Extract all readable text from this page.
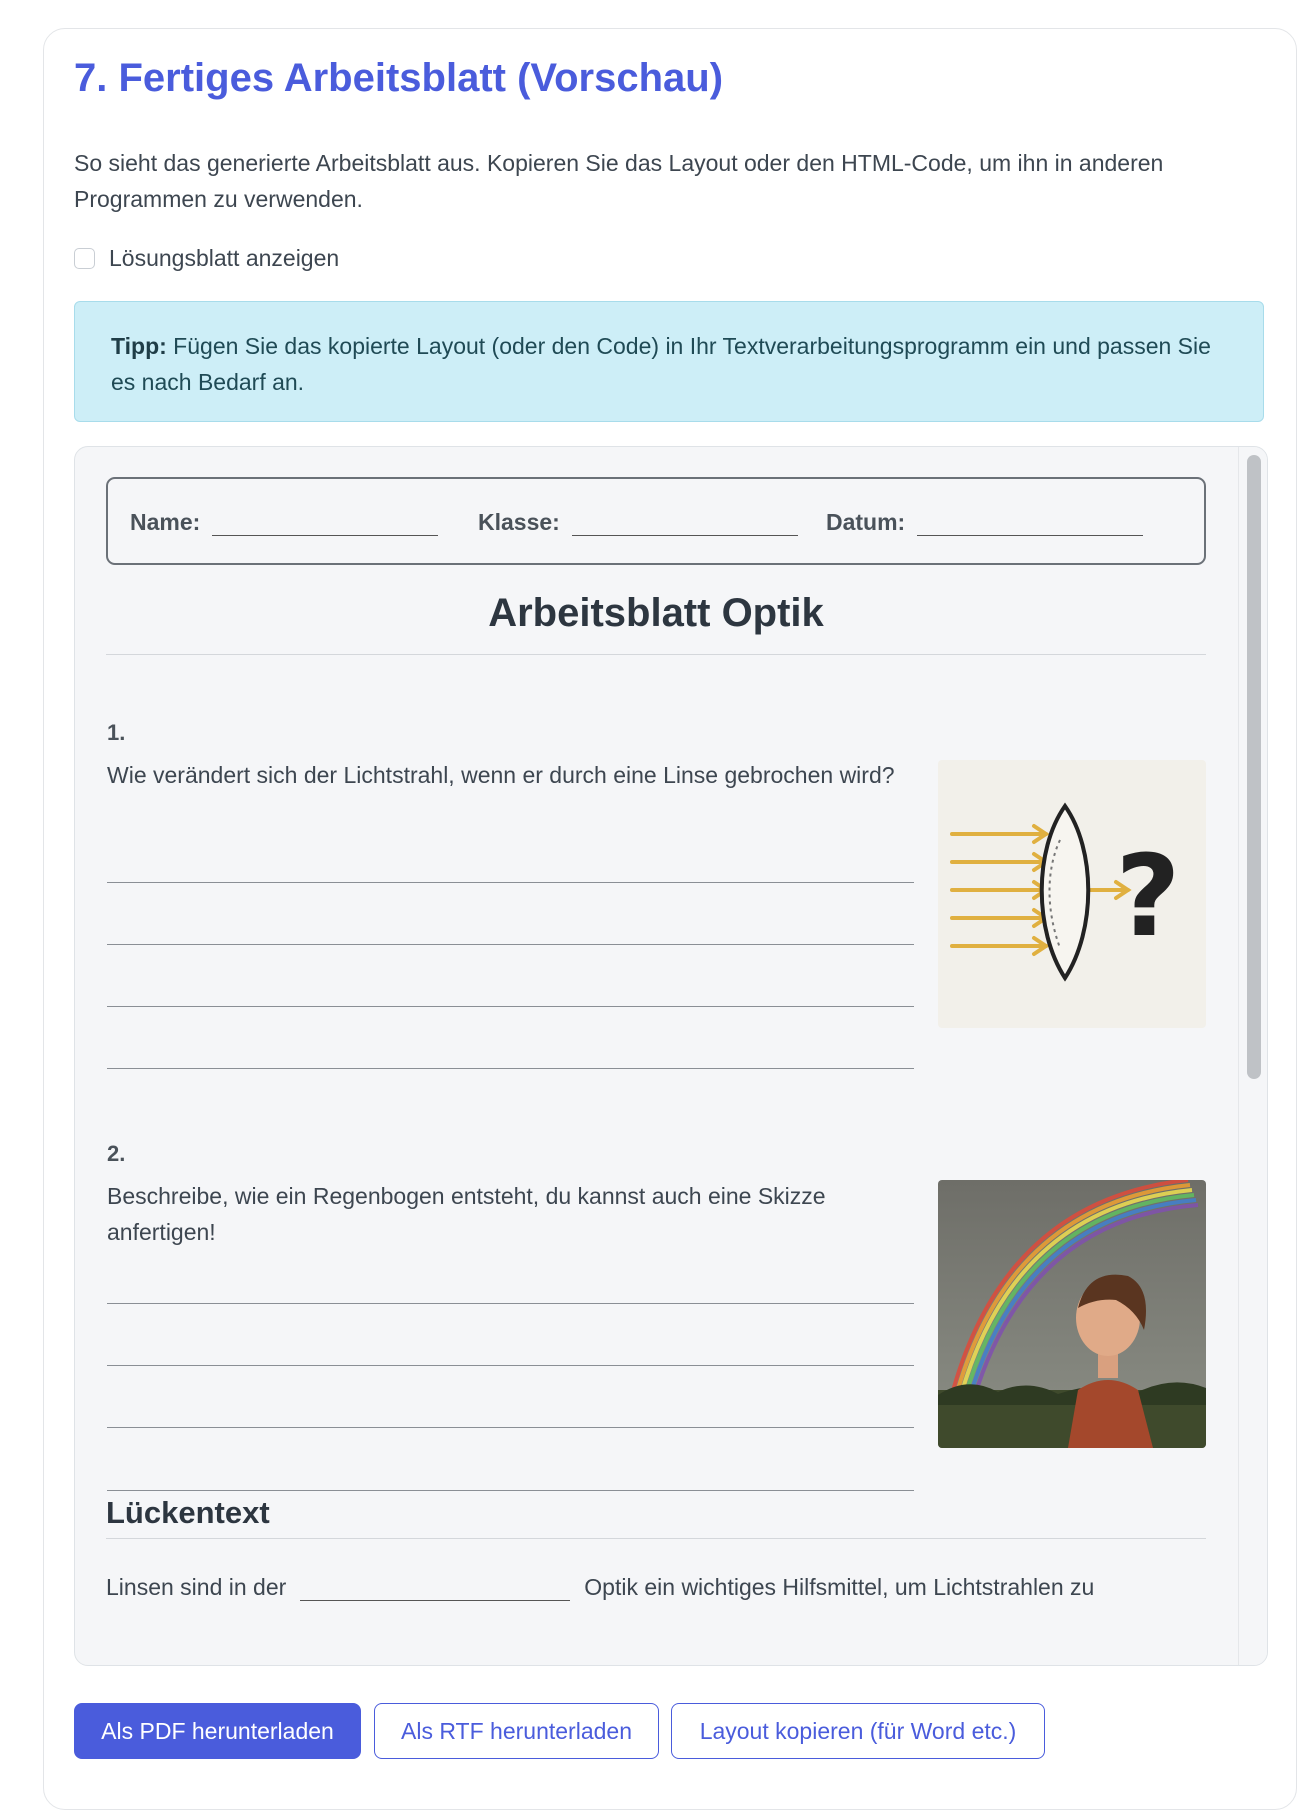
7. Fertiges Arbeitsblatt (Vorschau)

So sieht das generierte Arbeitsblatt aus. Kopieren Sie das Layout oder den HTML-Code, um ihn in anderen Programmen zu verwenden.

Lösungsblatt anzeigen
Tipp: Fügen Sie das kopierte Layout (oder den Code) in Ihr Textverarbeitungsprogramm ein und passen Sie es nach Bedarf an.
Name:	Klasse:	Datum:
Arbeitsblatt Optik
1.
Wie verändert sich der Lichtstrahl, wenn er durch eine Linse gebrochen wird?
?
2.
Beschreibe, wie ein Regenbogen entsteht, du kannst auch eine Skizze anfertigen!
Lückentext
Linsen sind in der	Optik ein wichtiges Hilfsmittel, um Lichtstrahlen zu
Als PDF herunterladen	Als RTF herunterladen	Layout kopieren (für Word etc.)
